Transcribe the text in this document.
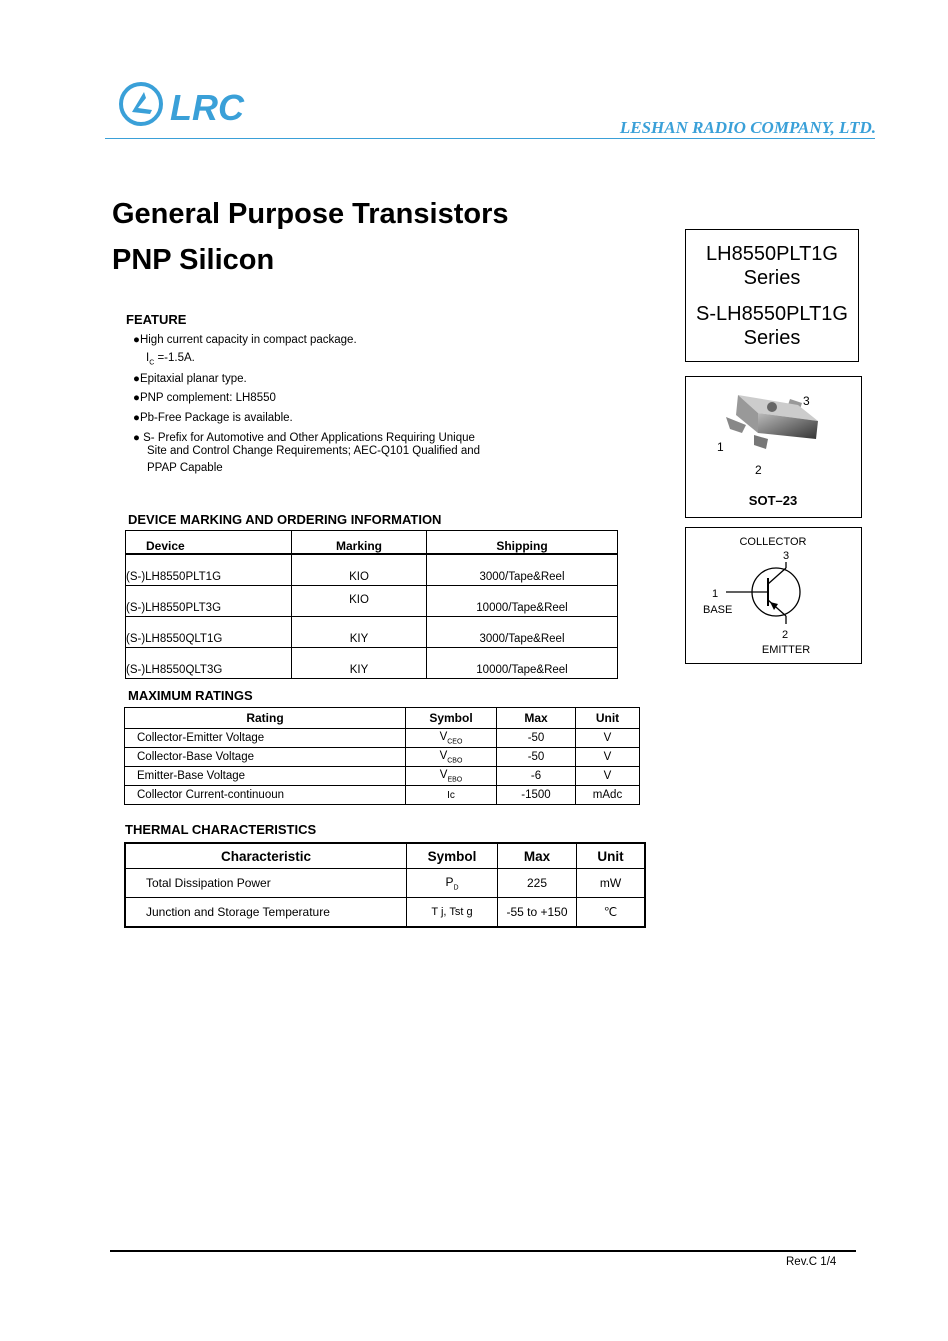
LRC	LESHAN RADIO COMPANY, LTD.
General Purpose Transistors
PNP Silicon	LH8550PLT1G
Series
S-LH8550PLT1G
Series
3
1
2
SOT–23
COLLECTOR
3
1
BASE
2
EMITTER
FEATURE
●High current capacity in compact package.
$I_C =-1.5A$.
●Epitaxial planar type.
●PNP complement: LH8550
●Pb-Free Package is available.
● S- Prefix for Automotive and Other Applications Requiring Unique
Site and Control Change Requirements; AEC-Q101 Qualified and
PPAP Capable
DEVICE MARKING AND ORDERING INFORMATION
Device	Marking	Shipping
(S-)LH8550PLT1G	KIO	3000/Tape&Reel
(S-)LH8550PLT3G	KIO	10000/Tape&Reel
(S-)LH8550QLT1G	KIY	3000/Tape&Reel
(S-)LH8550QLT3G	KIY	10000/Tape&Reel
MAXIMUM RATINGS
Rating	Symbol	Max	Unit
Collector-Emitter Voltage	$V_{CEO}$	-50	V
Collector-Base Voltage	$V_{CBO}$	-50	V
Emitter-Base Voltage	$V_{EBO}$	-6	V
Collector Current-continuoun	Ic	-1500	mAdc
THERMAL CHARACTERISTICS
Characteristic	Symbol	Max	Unit
Total Dissipation Power	$P_D$	225	mW
Junction and Storage Temperature	T j, Tst g	-55 to +150	℃
Rev.C 1/4
